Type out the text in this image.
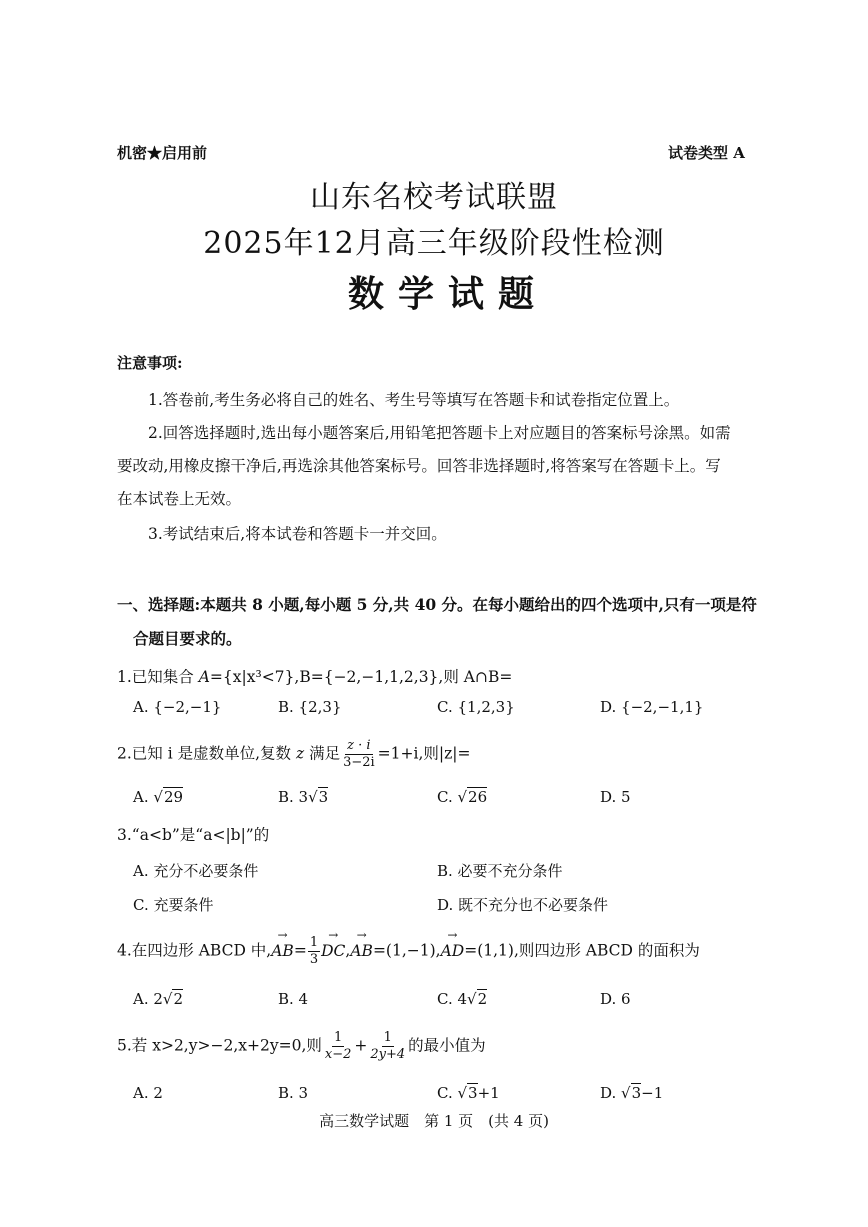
机密★启用前	试卷类型 A
山东名校考试联盟
2025年12月高三年级阶段性检测
数学试题
注意事项:
1.答卷前,考生务必将自己的姓名、考生号等填写在答题卡和试卷指定位置上。
2.回答选择题时,选出每小题答案后,用铅笔把答题卡上对应题目的答案标号涂黑。如需
要改动,用橡皮擦干净后,再选涂其他答案标号。回答非选择题时,将答案写在答题卡上。写
在本试卷上无效。
3.考试结束后,将本试卷和答题卡一并交回。
一、选择题:本题共 8 小题,每小题 5 分,共 40 分。在每小题给出的四个选项中,只有一项是符
合题目要求的。
1.已知集合 A={x|x³<7},B={−2,−1,1,2,3},则 A∩B=
A. {−2,−1}	B. {2,3}	C. {1,2,3}	D. {−2,−1,1}
2.已知 i 是虚数单位,复数 z 满足 $\frac{z \cdot i}{3-2i} =1+i$,则|z|=
A. √29	B. 3√3	C. √26	D. 5
3.“a<b”是“a<|b|”的
A. 充分不必要条件	B. 必要不充分条件
C. 充要条件	D. 既不充分也不必要条件
4.在四边形 ABCD 中,→ $AB= \frac{1}{3}$
→ DC,→ AB=(1,−1),→ AD=(1,1),则四边形 ABCD 的面积为
A. 2√2	B. 4	C. 4√2	D. 6
5.若 x>2,y>−2,x+2y=0,则 $\frac{1}{x-2} + \frac{1}{2y+4}$ 的最小值为
A. 2	B. 3	C. √3+1	D. √3−1
高三数学试题　第 1 页　(共 4 页)
